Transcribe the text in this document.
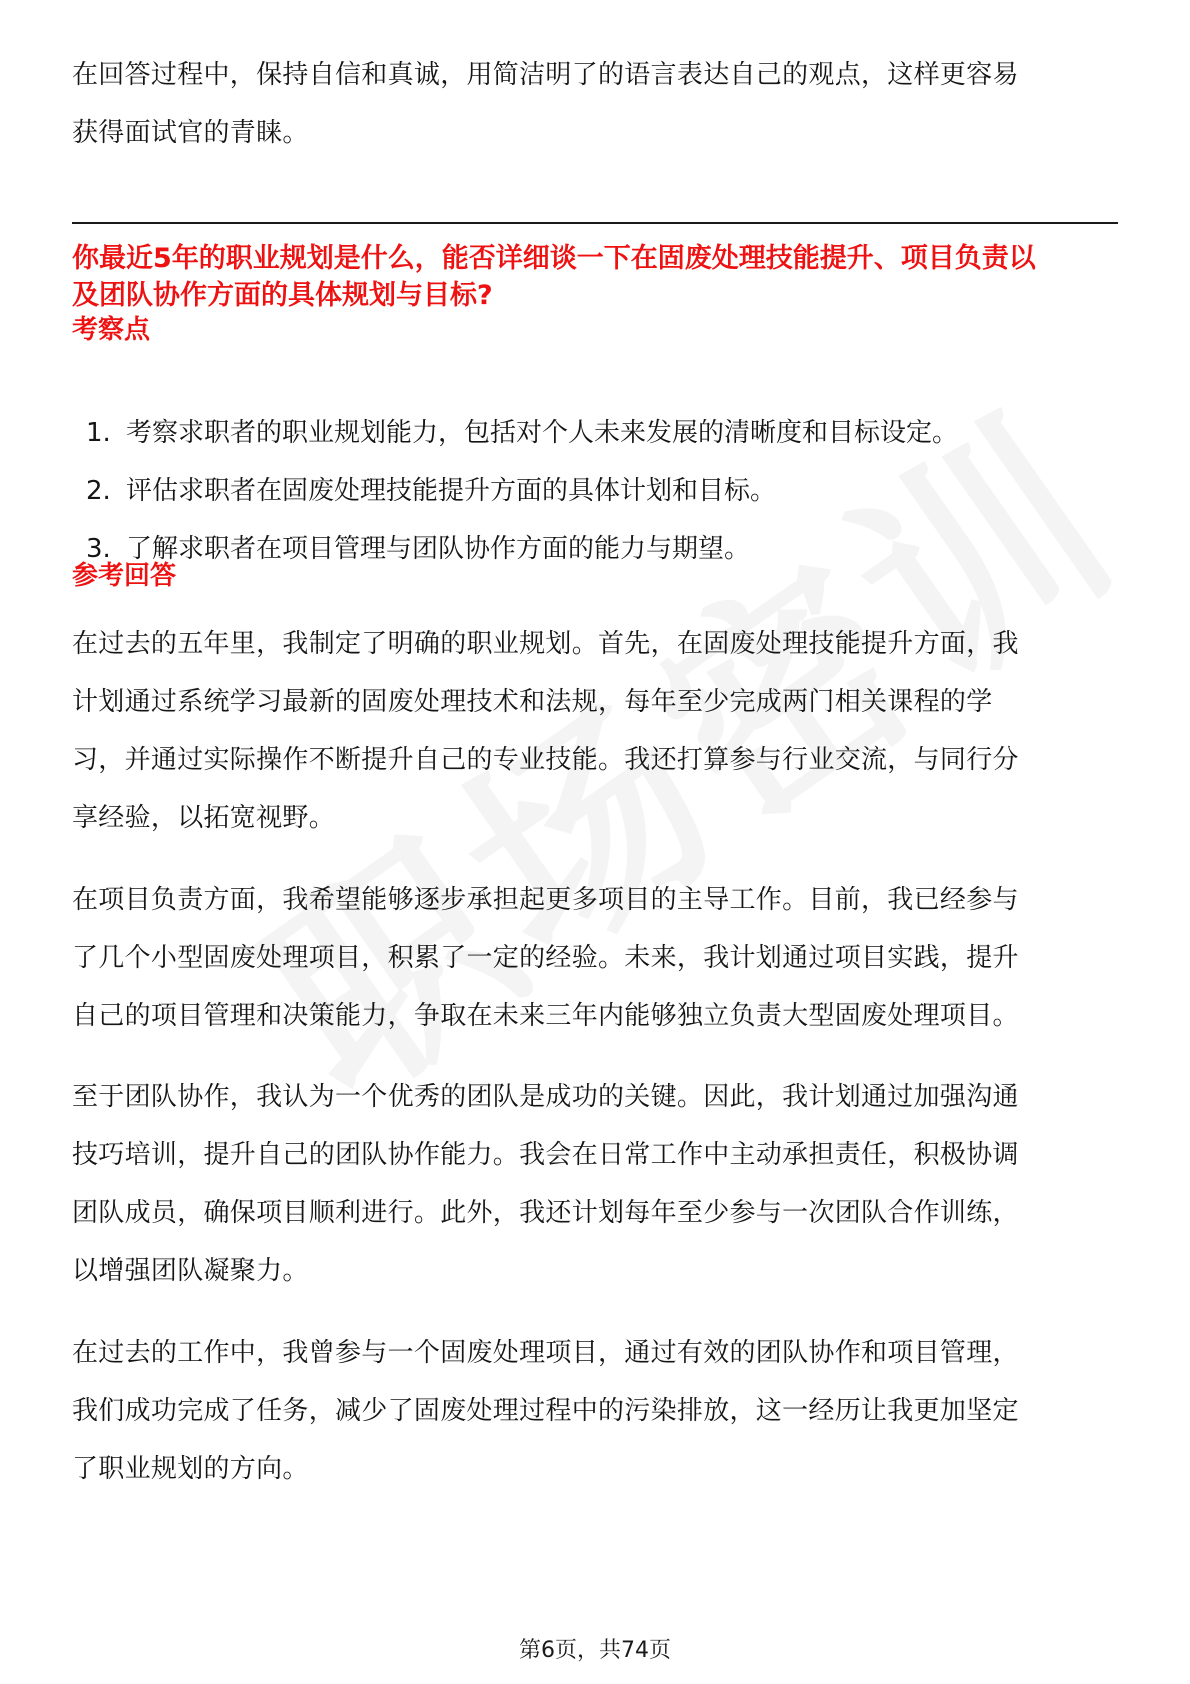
在回答过程中，保持自信和真诚，用简洁明了的语言表达自己的观点，这样更容易
获得面试官的青睐。

你最近5年的职业规划是什么，能否详细谈一下在固废处理技能提升、项目负责以
及团队协作方面的具体规划与目标?
考察点
1. 考察求职者的职业规划能力，包括对个人未来发展的清晰度和目标设定。
2. 评估求职者在固废处理技能提升方面的具体计划和目标。
3. 了解求职者在项目管理与团队协作方面的能力与期望。
参考回答

在过去的五年里，我制定了明确的职业规划。首先，在固废处理技能提升方面，我
计划通过系统学习最新的固废处理技术和法规，每年至少完成两门相关课程的学
习，并通过实际操作不断提升自己的专业技能。我还打算参与行业交流，与同行分
享经验，以拓宽视野。

在项目负责方面，我希望能够逐步承担起更多项目的主导工作。目前，我已经参与
了几个小型固废处理项目，积累了一定的经验。未来，我计划通过项目实践，提升
自己的项目管理和决策能力，争取在未来三年内能够独立负责大型固废处理项目。

至于团队协作，我认为一个优秀的团队是成功的关键。因此，我计划通过加强沟通
技巧培训，提升自己的团队协作能力。我会在日常工作中主动承担责任，积极协调
团队成员，确保项目顺利进行。此外，我还计划每年至少参与一次团队合作训练，
以增强团队凝聚力。

在过去的工作中，我曾参与一个固废处理项目，通过有效的团队协作和项目管理，
我们成功完成了任务，减少了固废处理过程中的污染排放，这一经历让我更加坚定
了职业规划的方向。

第6页，共74页
